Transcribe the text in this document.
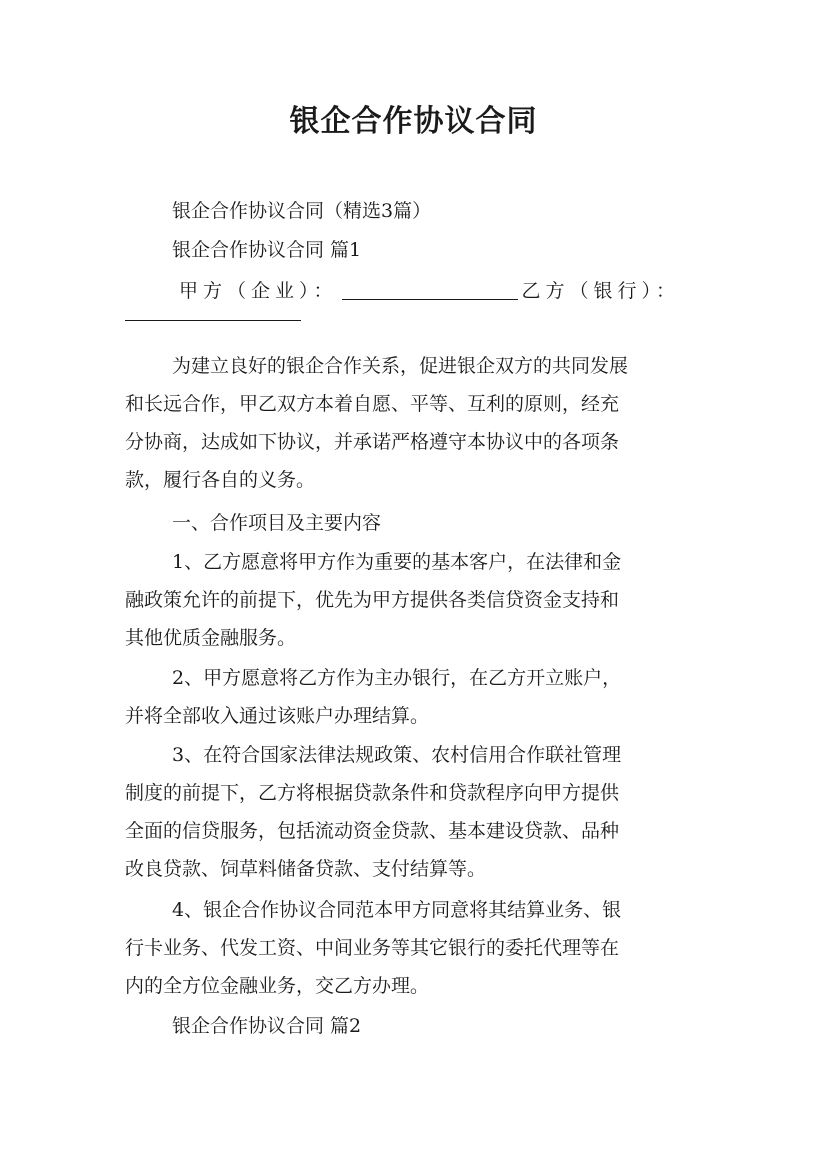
银企合作协议合同
银企合作协议合同（精选3篇）
银企合作协议合同 篇1
甲方（企业）：	乙方（银行）：
为建立良好的银企合作关系，促进银企双方的共同发展
和长远合作，甲乙双方本着自愿、平等、互利的原则，经充
分协商，达成如下协议，并承诺严格遵守本协议中的各项条
款，履行各自的义务。
一、合作项目及主要内容
1、乙方愿意将甲方作为重要的基本客户，在法律和金
融政策允许的前提下，优先为甲方提供各类信贷资金支持和
其他优质金融服务。
2、甲方愿意将乙方作为主办银行，在乙方开立账户，
并将全部收入通过该账户办理结算。
3、在符合国家法律法规政策、农村信用合作联社管理
制度的前提下，乙方将根据贷款条件和贷款程序向甲方提供
全面的信贷服务，包括流动资金贷款、基本建设贷款、品种
改良贷款、饲草料储备贷款、支付结算等。
4、银企合作协议合同范本甲方同意将其结算业务、银
行卡业务、代发工资、中间业务等其它银行的委托代理等在
内的全方位金融业务，交乙方办理。
银企合作协议合同 篇2
